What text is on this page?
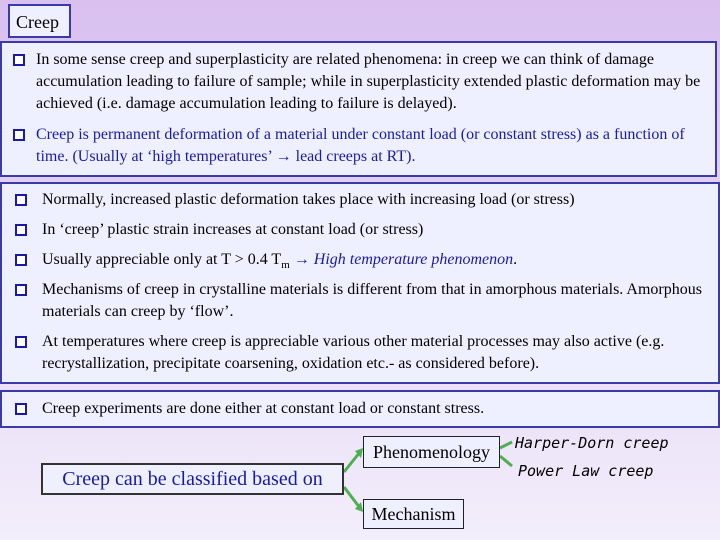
Creep
In some sense creep and superplasticity are related phenomena: in creep we can think of damage accumulation leading to failure of sample; while in superplasticity extended plastic deformation may be achieved (i.e. damage accumulation leading to failure is delayed).
Creep is permanent deformation of a material under constant load (or constant stress) as a function of time. (Usually at ‘high temperatures’ → lead creeps at RT).
Normally, increased plastic deformation takes place with increasing load (or stress)
In ‘creep’ plastic strain increases at constant load (or stress)
Usually appreciable only at T > 0.4 $T_m$ → High temperature phenomenon.
Mechanisms of creep in crystalline materials is different from that in amorphous materials. Amorphous materials can creep by ‘flow’.
At temperatures where creep is appreciable various other material processes may also active (e.g. recrystallization, precipitate coarsening, oxidation etc.- as considered before).
Creep experiments are done either at constant load or constant stress.
Creep can be classified based on
Phenomenology
Mechanism
Harper-Dorn creep
Power Law creep
